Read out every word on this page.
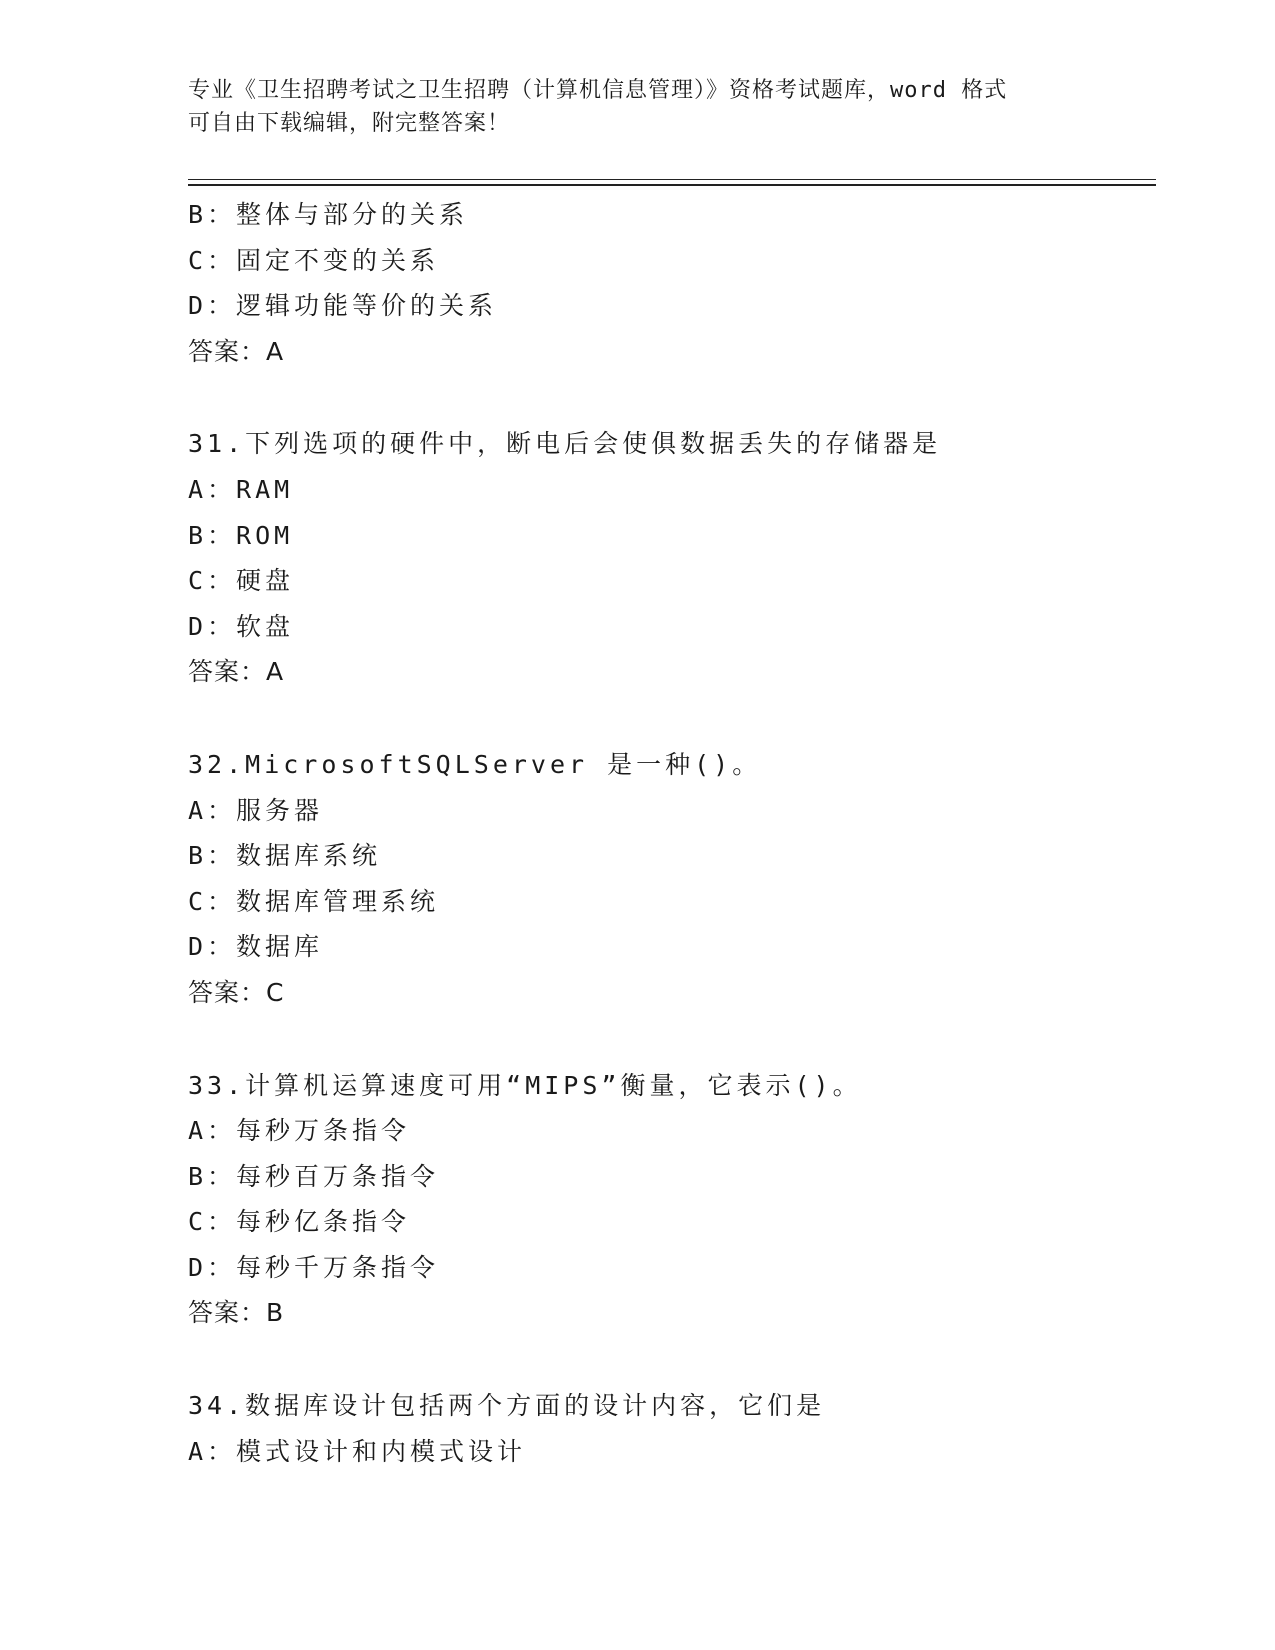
专业《卫生招聘考试之卫生招聘（计算机信息管理）》资格考试题库，word 格式
可自由下载编辑，附完整答案！
B：整体与部分的关系
C：固定不变的关系
D：逻辑功能等价的关系
答案：A
31.下列选项的硬件中，断电后会使俱数据丢失的存储器是
A：RAM
B：ROM
C：硬盘
D：软盘
答案：A
32.MicrosoftSQLServer 是一种()。
A：服务器
B：数据库系统
C：数据库管理系统
D：数据库
答案：C
33.计算机运算速度可用“MIPS”衡量，它表示()。
A：每秒万条指令
B：每秒百万条指令
C：每秒亿条指令
D：每秒千万条指令
答案：B
34.数据库设计包括两个方面的设计内容，它们是
A：模式设计和内模式设计
